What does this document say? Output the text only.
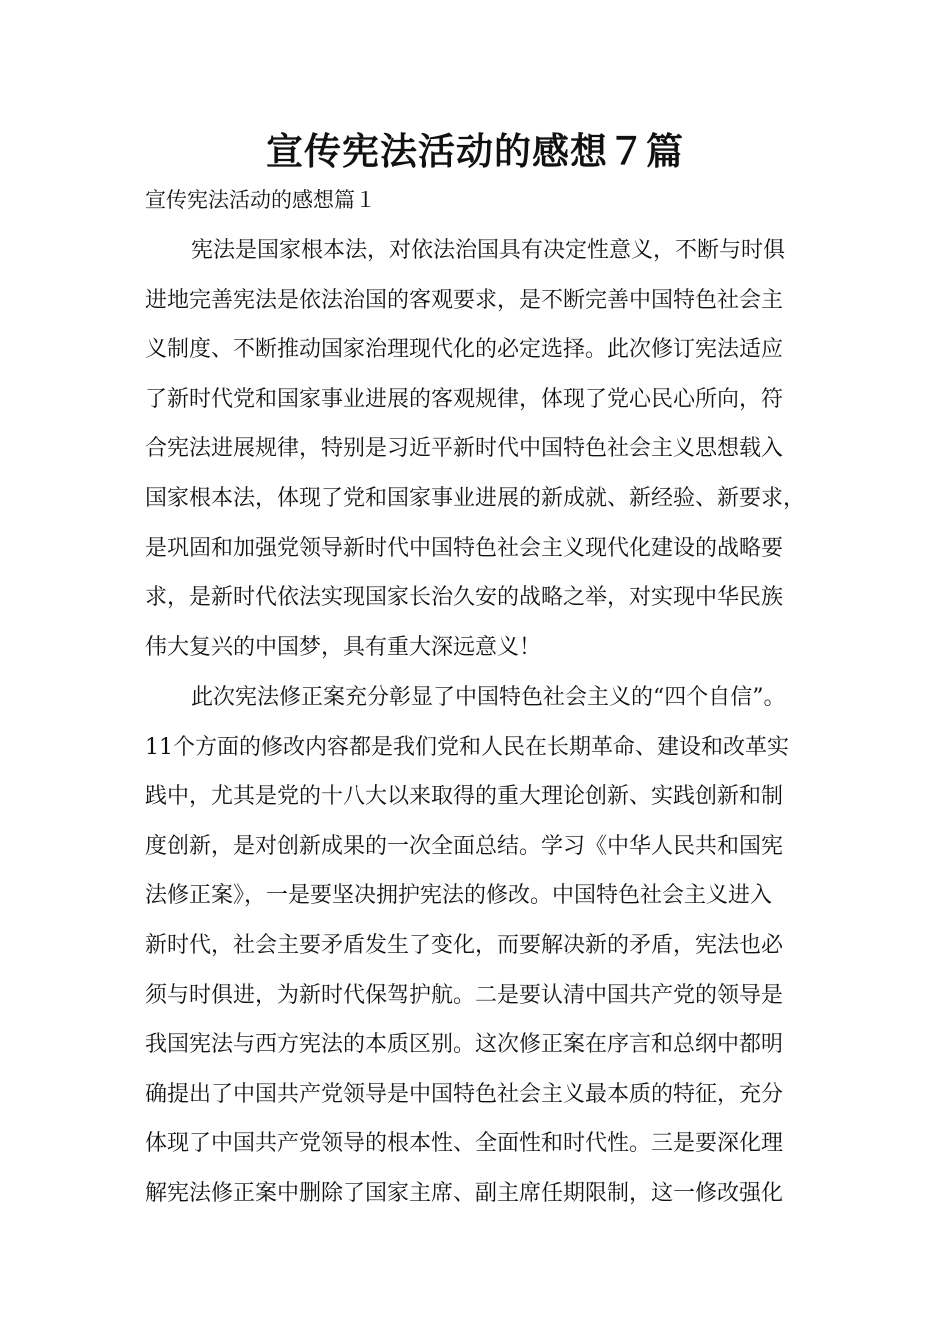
宣传宪法活动的感想７篇

宣传宪法活动的感想篇１

宪法是国家根本法，对依法治国具有决定性意义，不断与时俱
进地完善宪法是依法治国的客观要求，是不断完善中国特色社会主
义制度、不断推动国家治理现代化的必定选择。此次修订宪法适应
了新时代党和国家事业进展的客观规律，体现了党心民心所向，符
合宪法进展规律，特别是习近平新时代中国特色社会主义思想载入
国家根本法，体现了党和国家事业进展的新成就、新经验、新要求，
是巩固和加强党领导新时代中国特色社会主义现代化建设的战略要
求，是新时代依法实现国家长治久安的战略之举，对实现中华民族
伟大复兴的中国梦，具有重大深远意义！
此次宪法修正案充分彰显了中国特色社会主义的“四个自信”。
11个方面的修改内容都是我们党和人民在长期革命、建设和改革实
践中，尤其是党的十八大以来取得的重大理论创新、实践创新和制
度创新，是对创新成果的一次全面总结。学习《中华人民共和国宪
法修正案》，一是要坚决拥护宪法的修改。中国特色社会主义进入
新时代，社会主要矛盾发生了变化，而要解决新的矛盾，宪法也必
须与时俱进，为新时代保驾护航。二是要认清中国共产党的领导是
我国宪法与西方宪法的本质区别。这次修正案在序言和总纲中都明
确提出了中国共产党领导是中国特色社会主义最本质的特征，充分
体现了中国共产党领导的根本性、全面性和时代性。三是要深化理
解宪法修正案中删除了国家主席、副主席任期限制，这一修改强化
